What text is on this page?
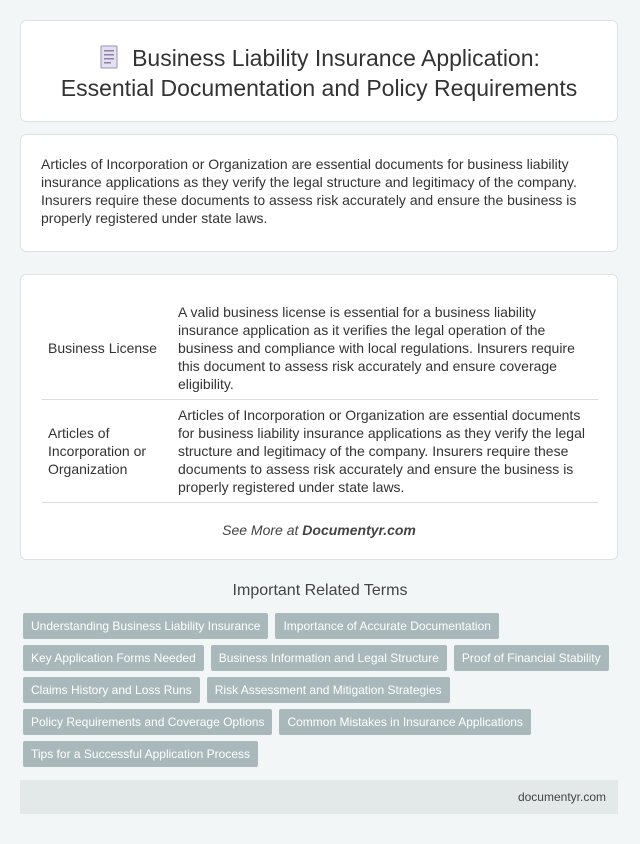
Business Liability Insurance Application:
Essential Documentation and Policy Requirements

Articles of Incorporation or Organization are essential documents for business liability insurance applications as they verify the legal structure and legitimacy of the company. Insurers require these documents to assess risk accurately and ensure the business is properly registered under state laws.

Business License	A valid business license is essential for a business liability insurance application as it verifies the legal operation of the business and compliance with local regulations. Insurers require this document to assess risk accurately and ensure coverage eligibility.
Articles of Incorporation or Organization	Articles of Incorporation or Organization are essential documents for business liability insurance applications as they verify the legal structure and legitimacy of the company. Insurers require these documents to assess risk accurately and ensure the business is properly registered under state laws.
See More at Documentyr.com
Important Related Terms
Understanding Business Liability Insurance	Importance of Accurate Documentation
Key Application Forms Needed	Business Information and Legal Structure	Proof of Financial Stability
Claims History and Loss Runs	Risk Assessment and Mitigation Strategies
Policy Requirements and Coverage Options	Common Mistakes in Insurance Applications
Tips for a Successful Application Process
documentyr.com
